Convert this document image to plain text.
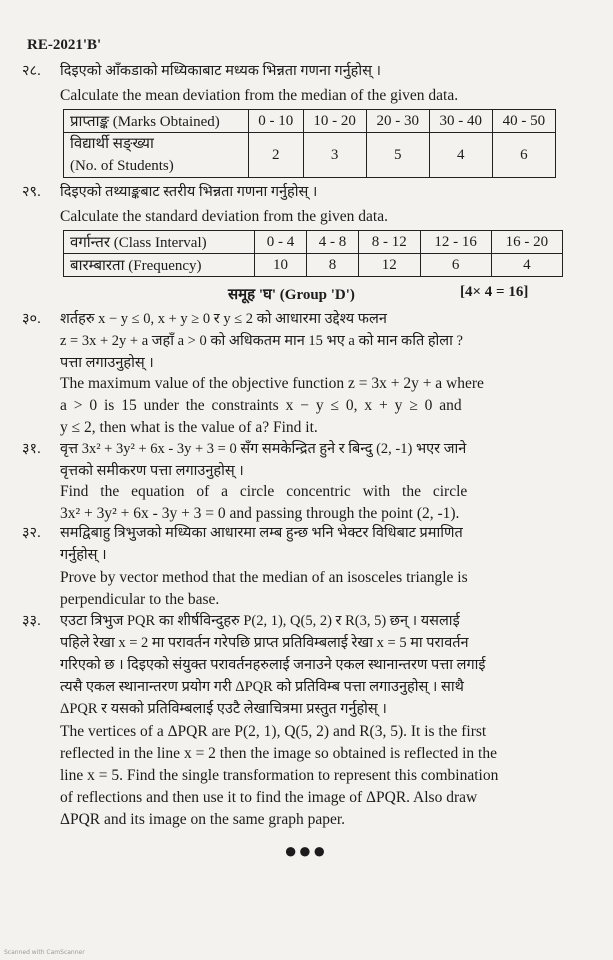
RE-2021'B'
२८. दिइएको आँकडाको मध्यिकाबाट मध्यक भिन्नता गणना गर्नुहोस् ।
Calculate the mean deviation from the median of the given data.
प्राप्ताङ्क (Marks Obtained)	0 - 10	10 - 20	20 - 30	30 - 40	40 - 50

विद्यार्थी सङ्ख्या
(No. of Students)	2	3	5	4	6
२९. दिइएको तथ्याङ्कबाट स्तरीय भिन्नता गणना गर्नुहोस् ।
Calculate the standard deviation from the given data.
वर्गान्तर (Class Interval)	0 - 4	4 - 8	8 - 12	12 - 16	16 - 20
बारम्बारता (Frequency)	10	8	12	6	4
समूह 'घ' (Group 'D')	[4× 4 = 16]
३०. शर्तहरु x − y ≤ 0, x + y ≥ 0 र y ≤ 2 को आधारमा उद्देश्य फलन
z = 3x + 2y + a जहाँ a > 0 को अधिकतम मान 15 भए a को मान कति होला ?
पत्ता लगाउनुहोस् ।
The maximum value of the objective function z = 3x + 2y + a where
a > 0 is 15 under the constraints x − y ≤ 0, x + y ≥ 0 and
y ≤ 2, then what is the value of a? Find it.
३१. वृत्त 3x² + 3y² + 6x - 3y + 3 = 0 सँग समकेन्द्रित हुने र बिन्दु (2, -1) भएर जाने
वृत्तको समीकरण पत्ता लगाउनुहोस् ।
Find the equation of a circle concentric with the circle
3x² + 3y² + 6x - 3y + 3 = 0 and passing through the point (2, -1).
३२. समद्विबाहु त्रिभुजको मध्यिका आधारमा लम्ब हुन्छ भनि भेक्टर विधिबाट प्रमाणित
गर्नुहोस् ।
Prove by vector method that the median of an isosceles triangle is
perpendicular to the base.
३३. एउटा त्रिभुज PQR का शीर्षविन्दुहरु P(2, 1), Q(5, 2) र R(3, 5) छन् । यसलाई
पहिले रेखा x = 2 मा परावर्तन गरेपछि प्राप्त प्रतिविम्बलाई रेखा x = 5 मा परावर्तन
गरिएको छ । दिइएको संयुक्त परावर्तनहरुलाई जनाउने एकल स्थानान्तरण पत्ता लगाई
त्यसै एकल स्थानान्तरण प्रयोग गरी ΔPQR को प्रतिविम्ब पत्ता लगाउनुहोस् । साथै
ΔPQR र यसको प्रतिविम्बलाई एउटै लेखाचित्रमा प्रस्तुत गर्नुहोस् ।
The vertices of a ΔPQR are P(2, 1), Q(5, 2) and R(3, 5). It is the first
reflected in the line x = 2 then the image so obtained is reflected in the
line x = 5. Find the single transformation to represent this combination
of reflections and then use it to find the image of ΔPQR. Also draw
ΔPQR and its image on the same graph paper.
●●●
Scanned with CamScanner
